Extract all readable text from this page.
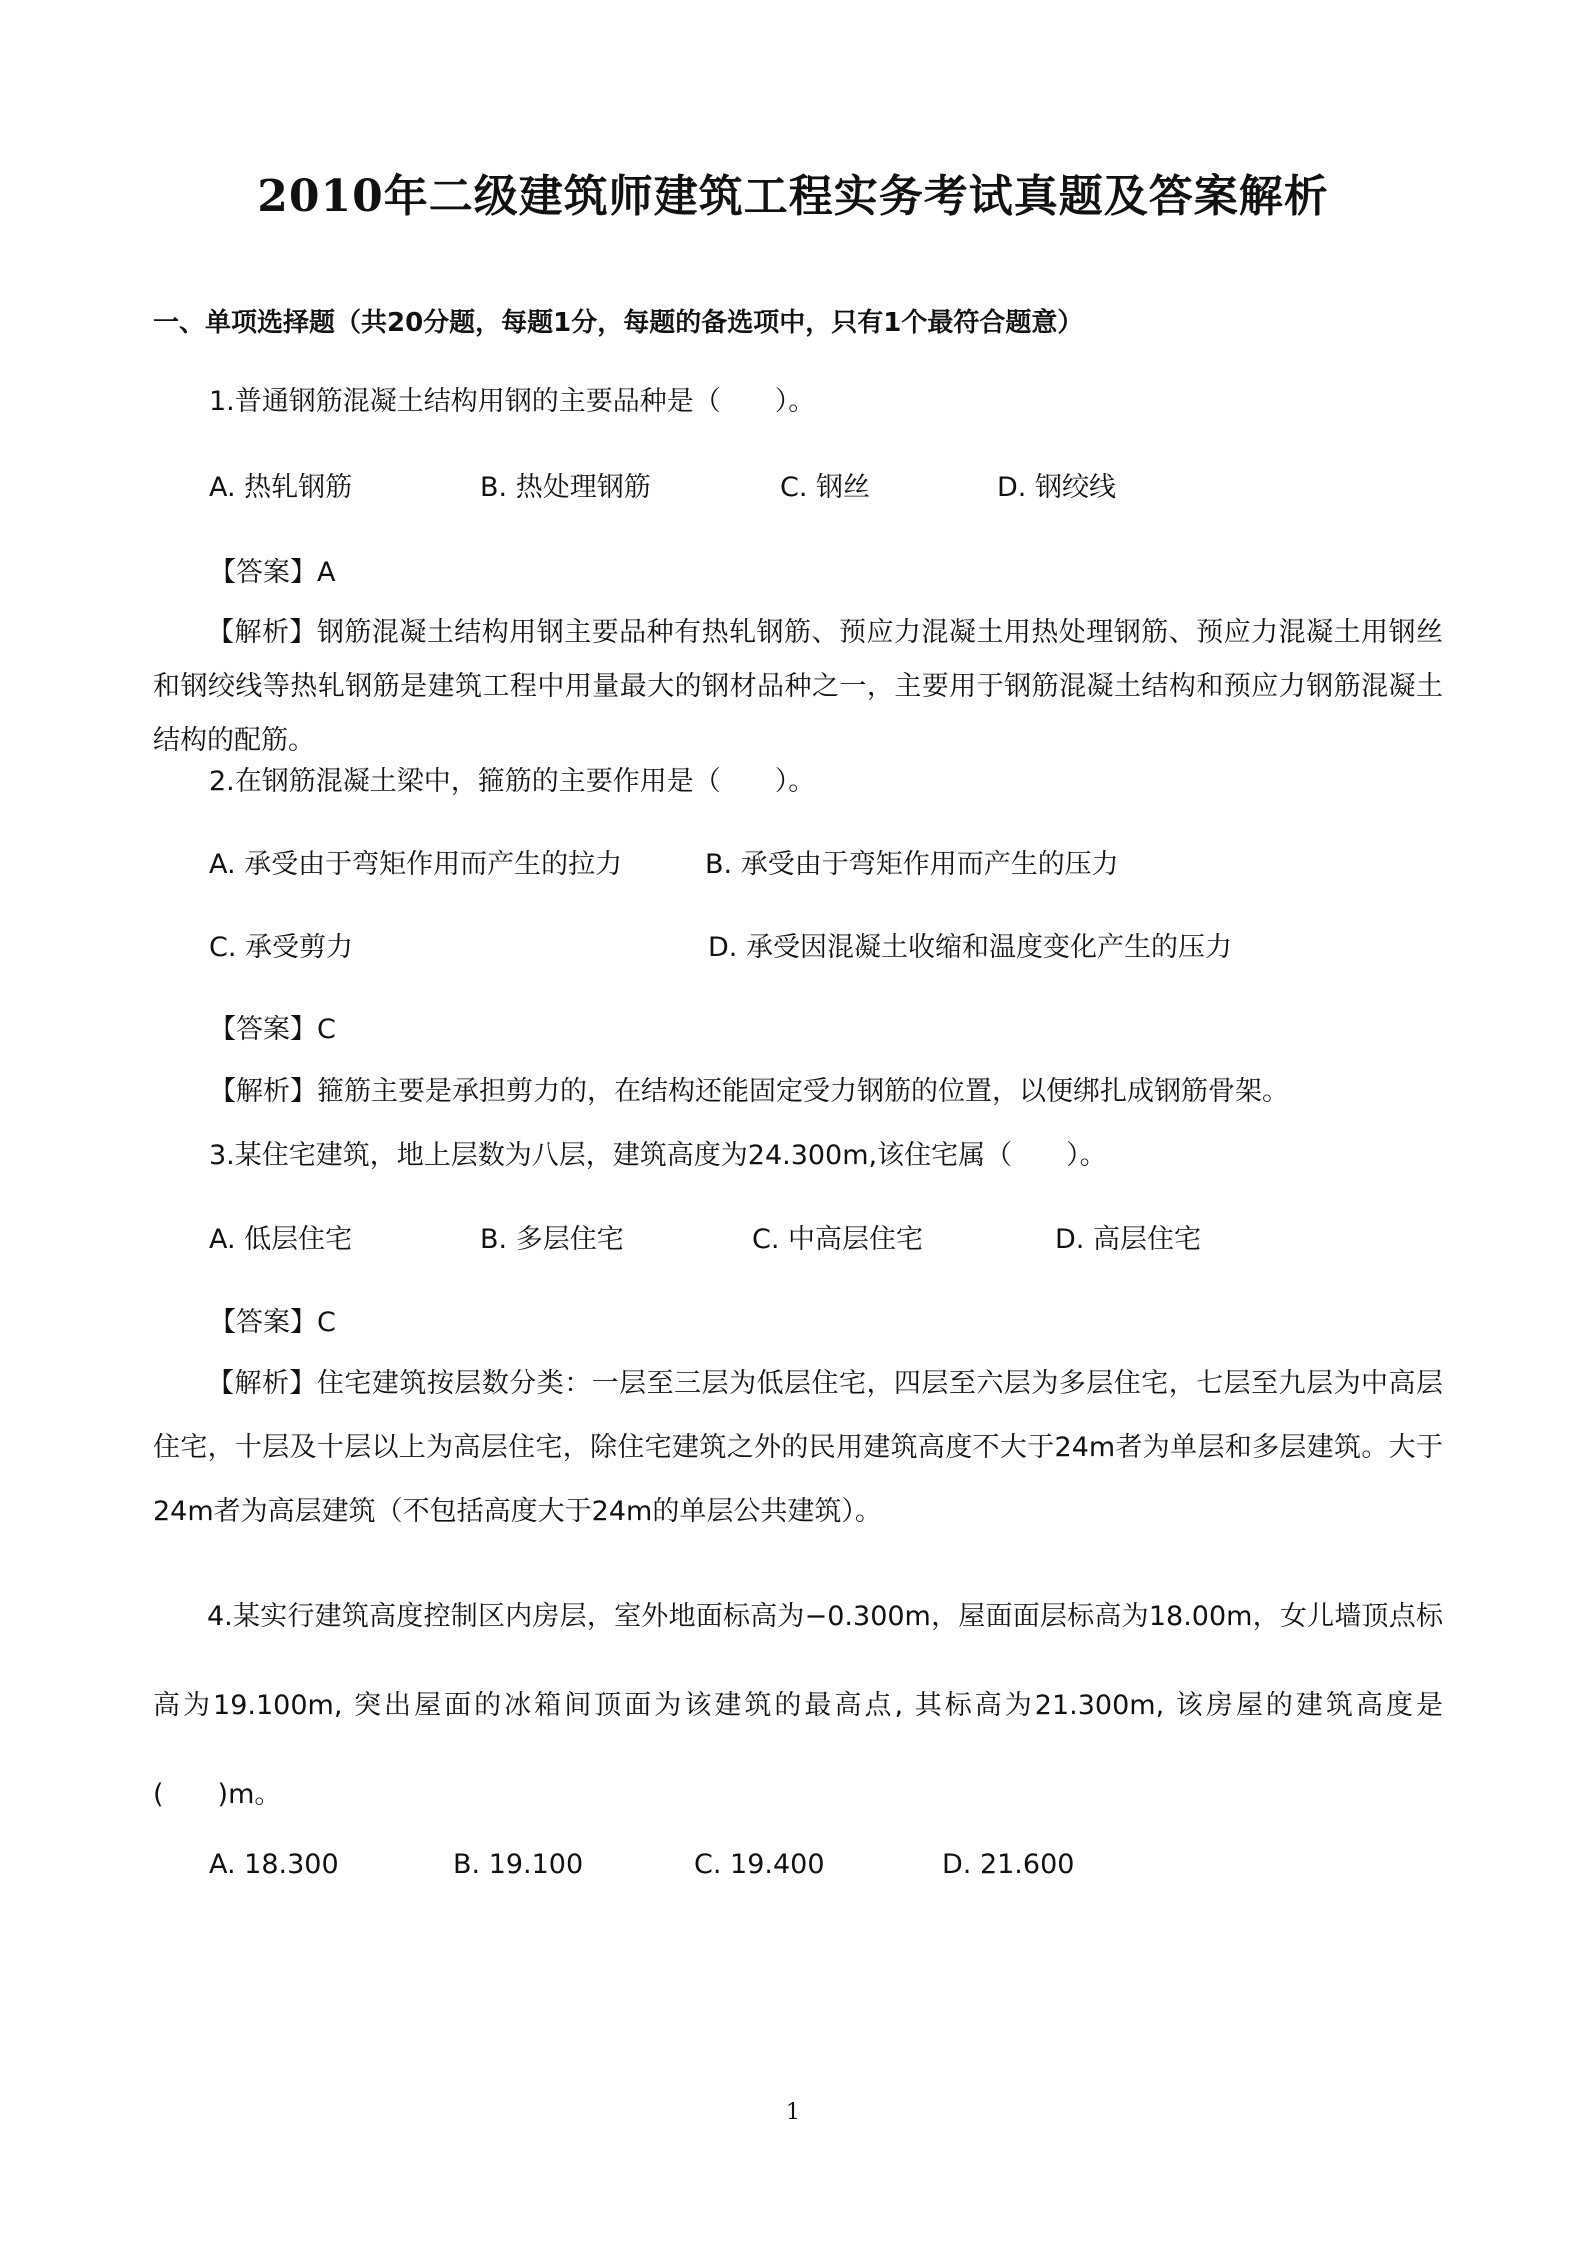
2010年二级建筑师建筑工程实务考试真题及答案解析
一、单项选择题（共20分题，每题1分，每题的备选项中，只有1个最符合题意）
1.普通钢筋混凝土结构用钢的主要品种是（　　）。
A. 热轧钢筋	B. 热处理钢筋	C. 钢丝	D. 钢绞线
【答案】A
【解析】钢筋混凝土结构用钢主要品种有热轧钢筋、预应力混凝土用热处理钢筋、预应力混凝土用钢丝和钢绞线等热轧钢筋是建筑工程中用量最大的钢材品种之一，主要用于钢筋混凝土结构和预应力钢筋混凝土结构的配筋。
2.在钢筋混凝土梁中，箍筋的主要作用是（　　）。
A. 承受由于弯矩作用而产生的拉力	B. 承受由于弯矩作用而产生的压力
C. 承受剪力	D. 承受因混凝土收缩和温度变化产生的压力
【答案】C
【解析】箍筋主要是承担剪力的，在结构还能固定受力钢筋的位置，以便绑扎成钢筋骨架。
3.某住宅建筑，地上层数为八层，建筑高度为24.300m,该住宅属（　　）。
A. 低层住宅	B. 多层住宅	C. 中高层住宅	D. 高层住宅
【答案】C
【解析】住宅建筑按层数分类：一层至三层为低层住宅，四层至六层为多层住宅，七层至九层为中高层住宅，十层及十层以上为高层住宅，除住宅建筑之外的民用建筑高度不大于24m者为单层和多层建筑。大于24m者为高层建筑（不包括高度大于24m的单层公共建筑）。
4.某实行建筑高度控制区内房层，室外地面标高为−0.300m，屋面面层标高为18.00m，女儿墙顶点标高为19.100m, 突出屋面的冰箱间顶面为该建筑的最高点, 其标高为21.300m, 该房屋的建筑高度是(　　)m。
A. 18.300	B. 19.100	C. 19.400	D. 21.600
1
